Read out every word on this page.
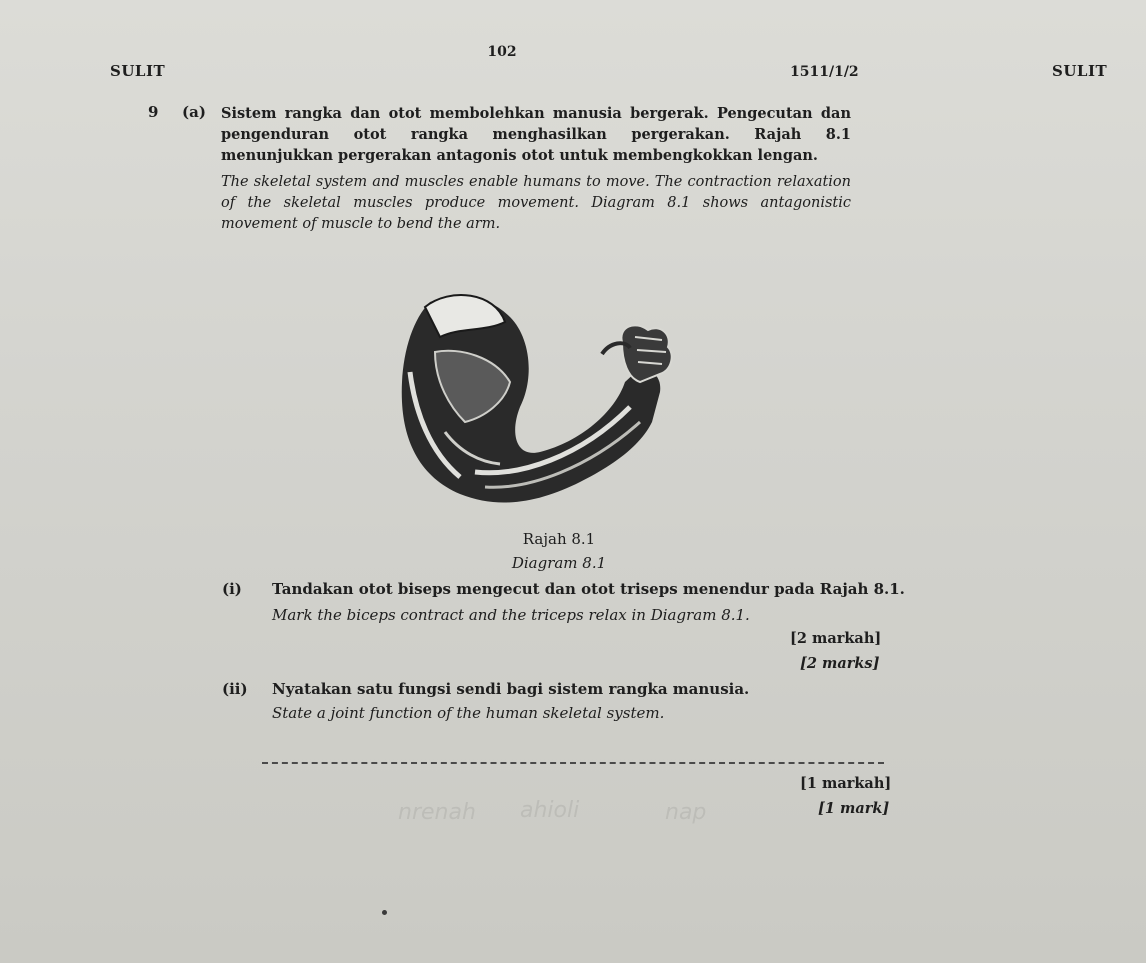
102
SULIT	1511/1/2	SULIT
9 (a) Sistem rangka dan otot membolehkan manusia bergerak. Pengecutan dan pengenduran otot rangka menghasilkan pergerakan. Rajah 8.1 menunjukkan pergerakan antagonis otot untuk membengkokkan lengan.
The skeletal system and muscles enable humans to move. The contraction relaxation of the skeletal muscles produce movement. Diagram 8.1 shows antagonistic movement of muscle to bend the arm.
Rajah 8.1
Diagram 8.1
(i) Tandakan otot biseps mengecut dan otot triseps menendur pada Rajah 8.1.
Mark the biceps contract and the triceps relax in Diagram 8.1.
[2 markah]
[2 marks]
(ii) Nyatakan satu fungsi sendi bagi sistem rangka manusia.
State a joint function of the human skeletal system.
[1 markah]
[1 mark]
nrenah ahioli	nap
